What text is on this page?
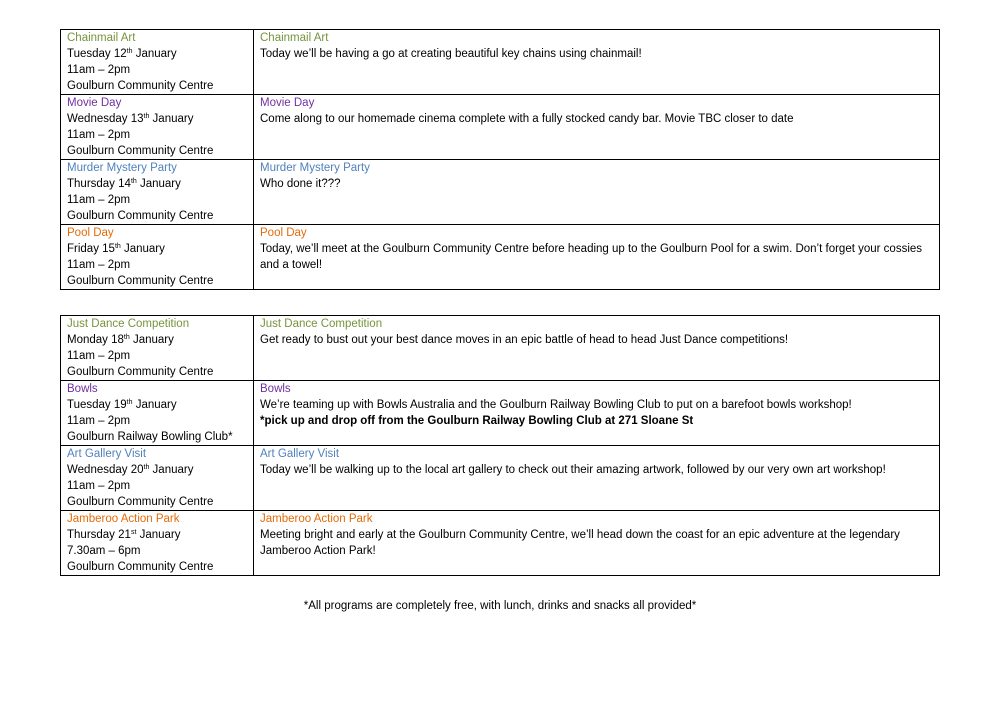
Chainmail Art
Tuesday 12th January
11am – 2pm
Goulburn Community Centre	Chainmail Art
Today we’ll be having a go at creating beautiful key chains using chainmail!

Movie Day
Wednesday 13th January
11am – 2pm
Goulburn Community Centre	Movie Day
Come along to our homemade cinema complete with a fully stocked candy bar. Movie TBC closer to date

Murder Mystery Party
Thursday 14th January
11am – 2pm
Goulburn Community Centre	Murder Mystery Party
Who done it???

Pool Day
Friday 15th January
11am – 2pm
Goulburn Community Centre	Pool Day
Today, we’ll meet at the Goulburn Community Centre before heading up to the Goulburn Pool for a swim. Don’t forget your cossies and a towel!
Just Dance Competition
Monday 18th January
11am – 2pm
Goulburn Community Centre	Just Dance Competition
Get ready to bust out your best dance moves in an epic battle of head to head Just Dance competitions!

Bowls
Tuesday 19th January
11am – 2pm
Goulburn Railway Bowling Club*	Bowls
We’re teaming up with Bowls Australia and the Goulburn Railway Bowling Club to put on a barefoot bowls workshop!
*pick up and drop off from the Goulburn Railway Bowling Club at 271 Sloane St

Art Gallery Visit
Wednesday 20th January
11am – 2pm
Goulburn Community Centre	Art Gallery Visit
Today we’ll be walking up to the local art gallery to check out their amazing artwork, followed by our very own art workshop!

Jamberoo Action Park
Thursday 21st January
7.30am – 6pm
Goulburn Community Centre	Jamberoo Action Park
Meeting bright and early at the Goulburn Community Centre, we’ll head down the coast for an epic adventure at the legendary Jamberoo Action Park!
*All programs are completely free, with lunch, drinks and snacks all provided*
